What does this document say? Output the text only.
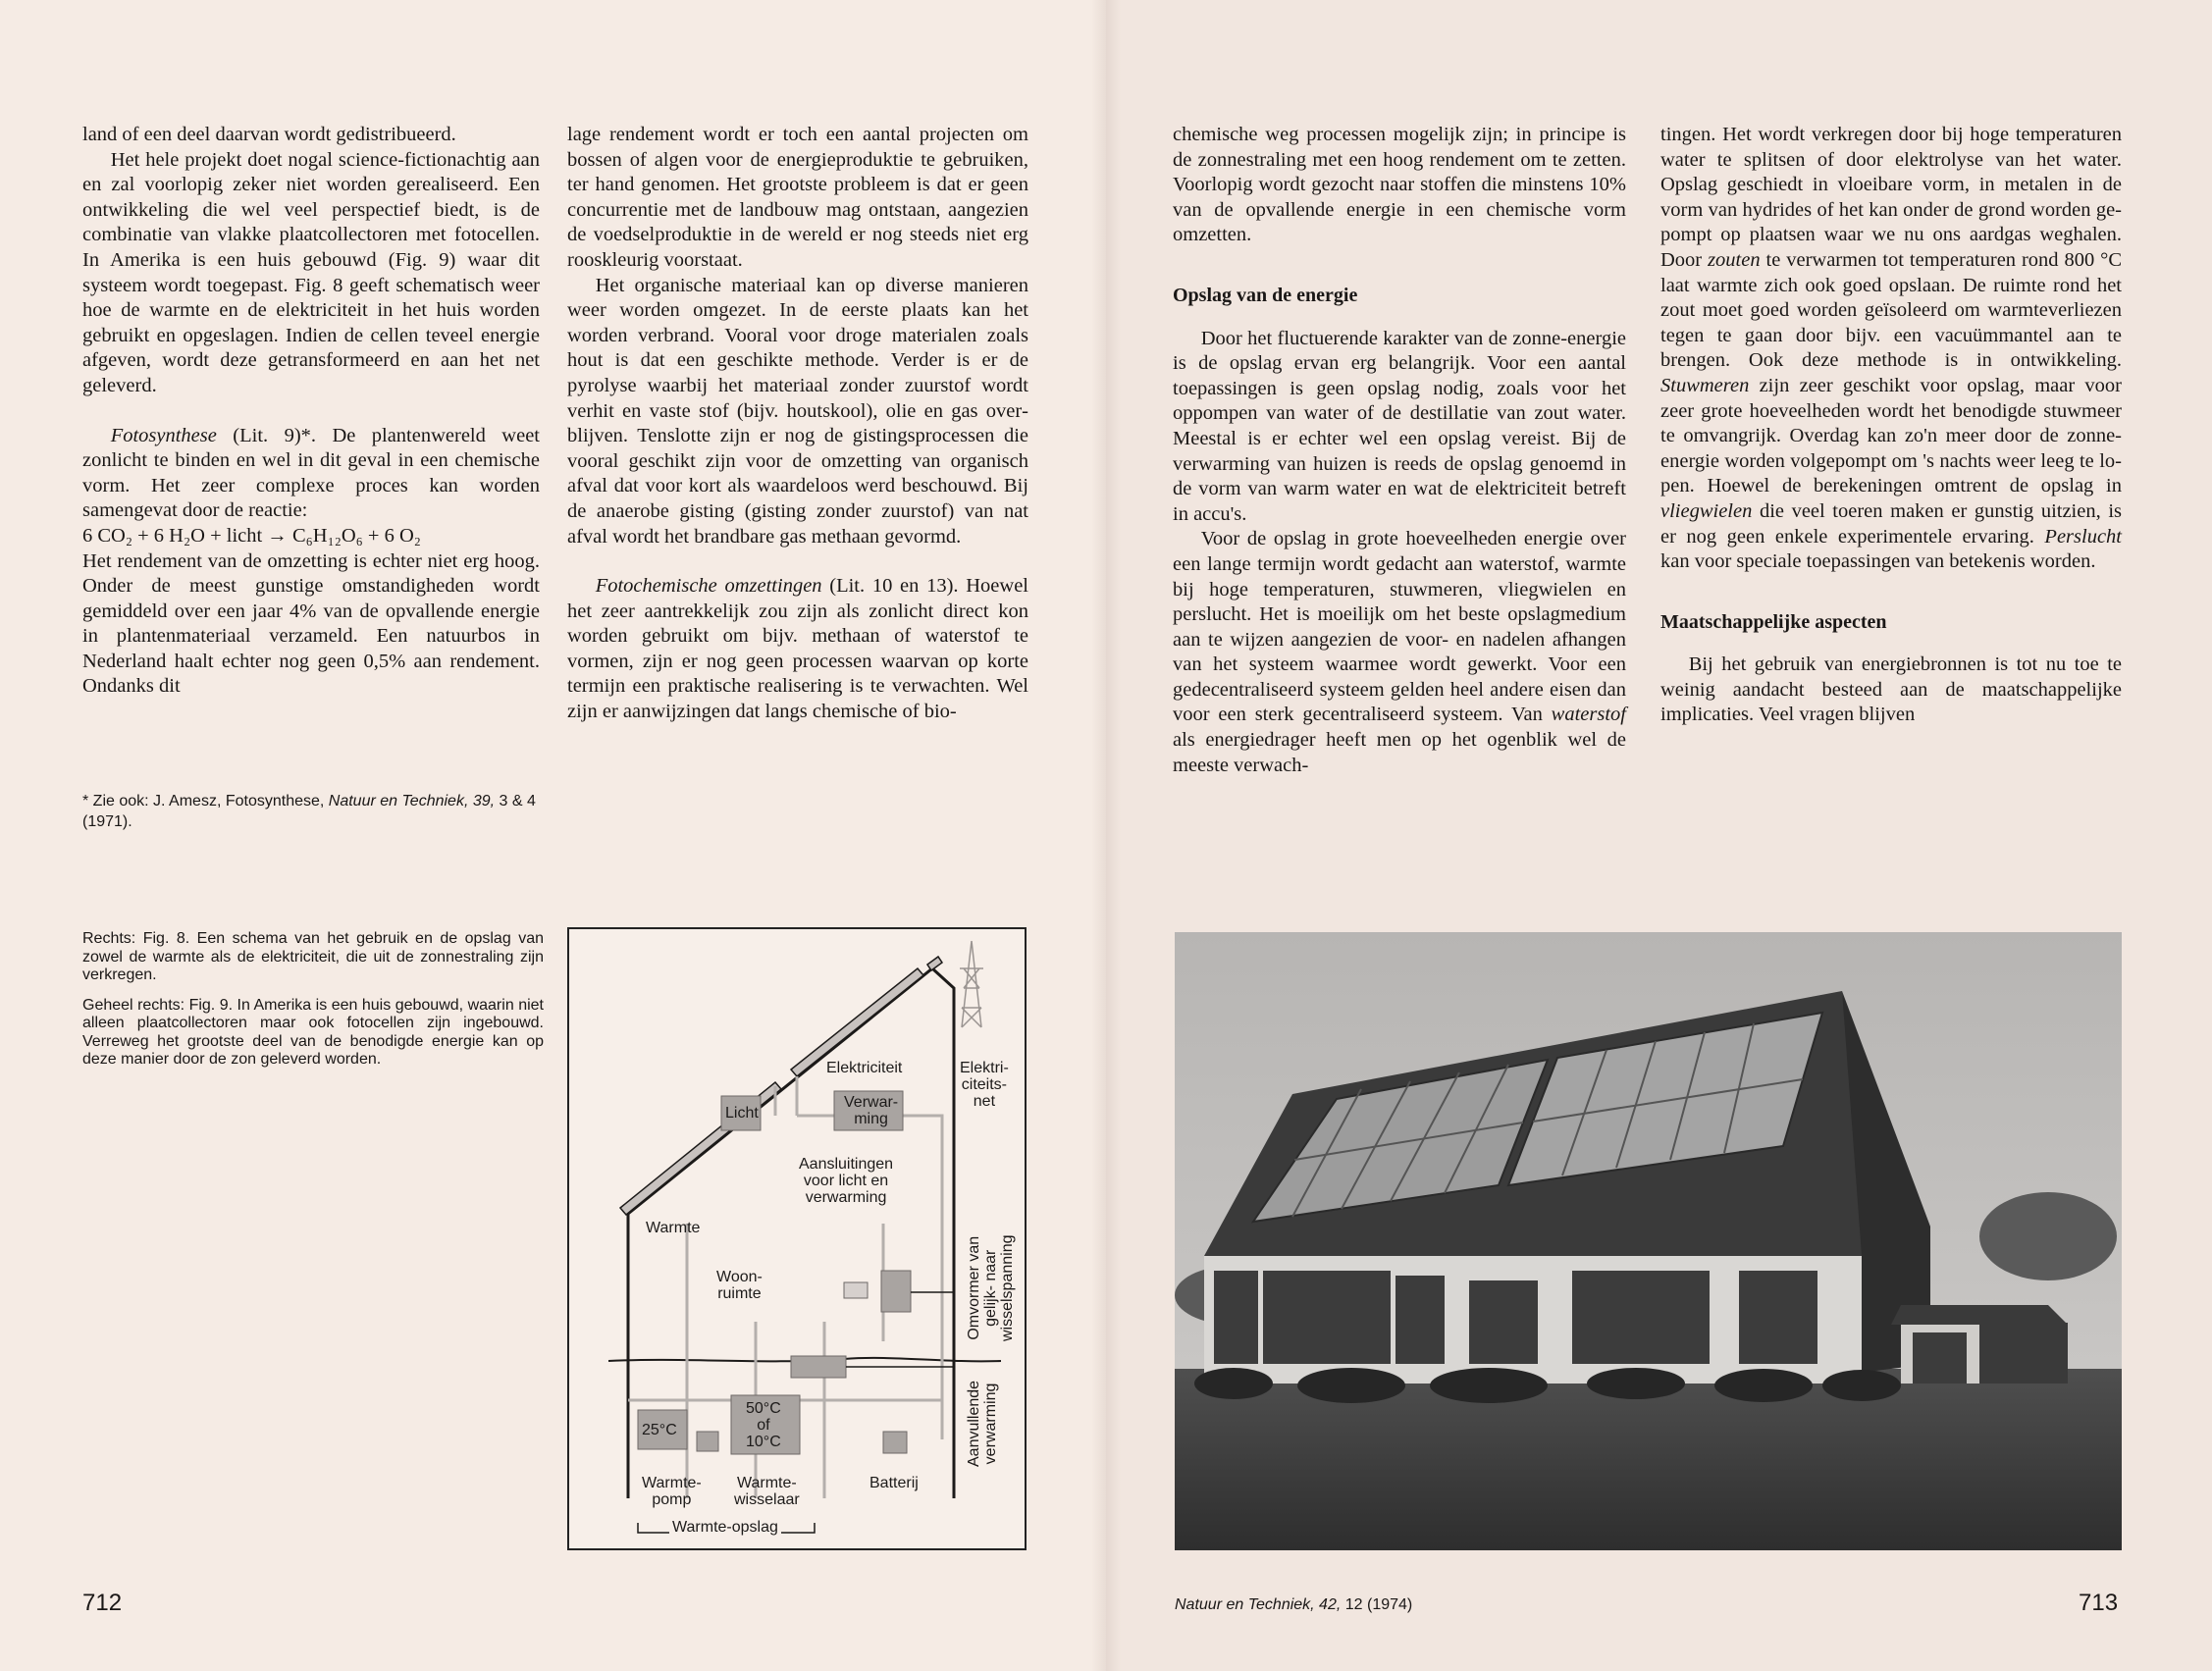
land of een deel daarvan wordt gedistribueerd.

Het hele projekt doet nogal science-fictionachtig aan en zal voorlopig zeker niet worden gerealiseerd. Een ontwikkeling die wel veel perspectief biedt, is de combinatie van vlakke plaatcollectoren met fotocellen. In Amerika is een huis gebouwd (Fig. 9) waar dit systeem wordt toegepast. Fig. 8 geeft schematisch weer hoe de warmte en de elektriciteit in het huis worden gebruikt en opgeslagen. Indien de cellen teveel energie afgeven, wordt deze getransformeerd en aan het net geleverd.

Fotosynthese (Lit. 9)*. De plantenwereld weet zonlicht te binden en wel in dit geval in een chemische vorm. Het zeer complexe proces kan worden samengevat door de reactie:

6 CO₂ + 6 H₂O + licht → C₆H₁₂O₆ + 6 O₂

Het rendement van de omzetting is echter niet erg hoog. Onder de meest gunstige omstandigheden wordt gemiddeld over een jaar 4% van de opvallende energie in plantenmateriaal verzameld. Een natuurbos in Nederland haalt echter nog geen 0,5% aan rendement. Ondanks dit

* Zie ook: J. Amesz, Fotosynthese, Natuur en Techniek, 39, 3 & 4 (1971).

Rechts: Fig. 8. Een schema van het gebruik en de opslag van zowel de warmte als de elektriciteit, die uit de zonnestraling zijn verkregen.

Geheel rechts: Fig. 9. In Amerika is een huis gebouwd, waarin niet alleen plaatcollectoren maar ook fotocellen zijn ingebouwd. Verreweg het grootste deel van de benodigde energie kan op deze manier door de zon geleverd worden.

lage rendement wordt er toch een aantal projecten om bossen of algen voor de energieproduktie te gebruiken, ter hand genomen. Het grootste probleem is dat er geen concurrentie met de landbouw mag ontstaan, aangezien de voedselproduktie in de wereld er nog steeds niet erg rooskleurig voorstaat.

Het organische materiaal kan op diverse manieren weer worden omgezet. In de eerste plaats kan het worden verbrand. Vooral voor droge materialen zoals hout is dat een geschikte methode. Verder is er de pyrolyse waarbij het materiaal zonder zuurstof wordt verhit en vaste stof (bijv. houtskool), olie en gas overblijven. Tenslotte zijn er nog de gistingsprocessen die vooral geschikt zijn voor de omzetting van organisch afval dat voor kort als waardeloos werd beschouwd. Bij de anaerobe gisting (gisting zonder zuurstof) van nat afval wordt het brandbare gas methaan gevormd.

Fotochemische omzettingen (Lit. 10 en 13). Hoewel het zeer aantrekkelijk zou zijn als zonlicht direct kon worden gebruikt om bijv. methaan of waterstof te vormen, zijn er nog geen processen waarvan op korte termijn een praktische realisering is te verwachten. Wel zijn er aanwijzingen dat langs chemische of bio-

chemische weg processen mogelijk zijn; in principe is de zonnestraling met een hoog rendement om te zetten. Voorlopig wordt gezocht naar stoffen die minstens 10% van de opvallende energie in een chemische vorm omzetten.

Opslag van de energie

Door het fluctuerende karakter van de zonne-energie is de opslag ervan erg belangrijk. Voor een aantal toepassingen is geen opslag nodig, zoals voor het oppompen van water of de destillatie van zout water. Meestal is er echter wel een opslag vereist. Bij de verwarming van huizen is reeds de opslag genoemd in de vorm van warm water en wat de elektriciteit betreft in accu's.

Voor de opslag in grote hoeveelheden energie over een lange termijn wordt gedacht aan waterstof, warmte bij hoge temperaturen, stuwmeren, vliegwielen en perslucht. Het is moeilijk om het beste opslagmedium aan te wijzen aangezien de voor- en nadelen afhangen van het systeem waarmee wordt gewerkt. Voor een gedecentraliseerd systeem gelden heel andere eisen dan voor een sterk gecentraliseerd systeem. Van waterstof als energiedrager heeft men op het ogenblik wel de meeste verwach-

tingen. Het wordt verkregen door bij hoge temperaturen water te splitsen of door elektrolyse van het water. Opslag geschiedt in vloeibare vorm, in metalen in de vorm van hydrides of het kan onder de grond worden gepompt op plaatsen waar we nu ons aardgas weghalen. Door zouten te verwarmen tot temperaturen rond 800 °C laat warmte zich ook goed opslaan. De ruimte rond het zout moet goed worden geïsoleerd om warmteverliezen tegen te gaan door bijv. een vacuümmantel aan te brengen. Ook deze methode is in ontwikkeling. Stuwmeren zijn zeer geschikt voor opslag, maar voor zeer grote hoeveelheden wordt het benodigde stuwmeer te omvangrijk. Overdag kan zo'n meer door de zonne-energie worden volgepompt om 's nachts weer leeg te lopen. Hoewel de berekeningen omtrent de opslag in vliegwielen die veel toeren maken er gunstig uitzien, is er nog geen enkele experimentele ervaring. Perslucht kan voor speciale toepassingen van betekenis worden.

Maatschappelijke aspecten

Bij het gebruik van energiebronnen is tot nu toe te weinig aandacht besteed aan de maatschappelijke implicaties. Veel vragen blijven

Elektriciteit	Elektri-
citeits-
net
Licht
Verwar-
ming
Aansluitingen
voor licht en
verwarming
Warmte
Woon-
ruimte	Omvormer van gelijk- naar wisselspanning
Aanvullende verwarming
25°C
50°C
of
10°C
Warmte-
pomp
Warmte-
wisselaar
Batterij
Warmte-opslag
712	Natuur en Techniek, 42, 12 (1974)	713
